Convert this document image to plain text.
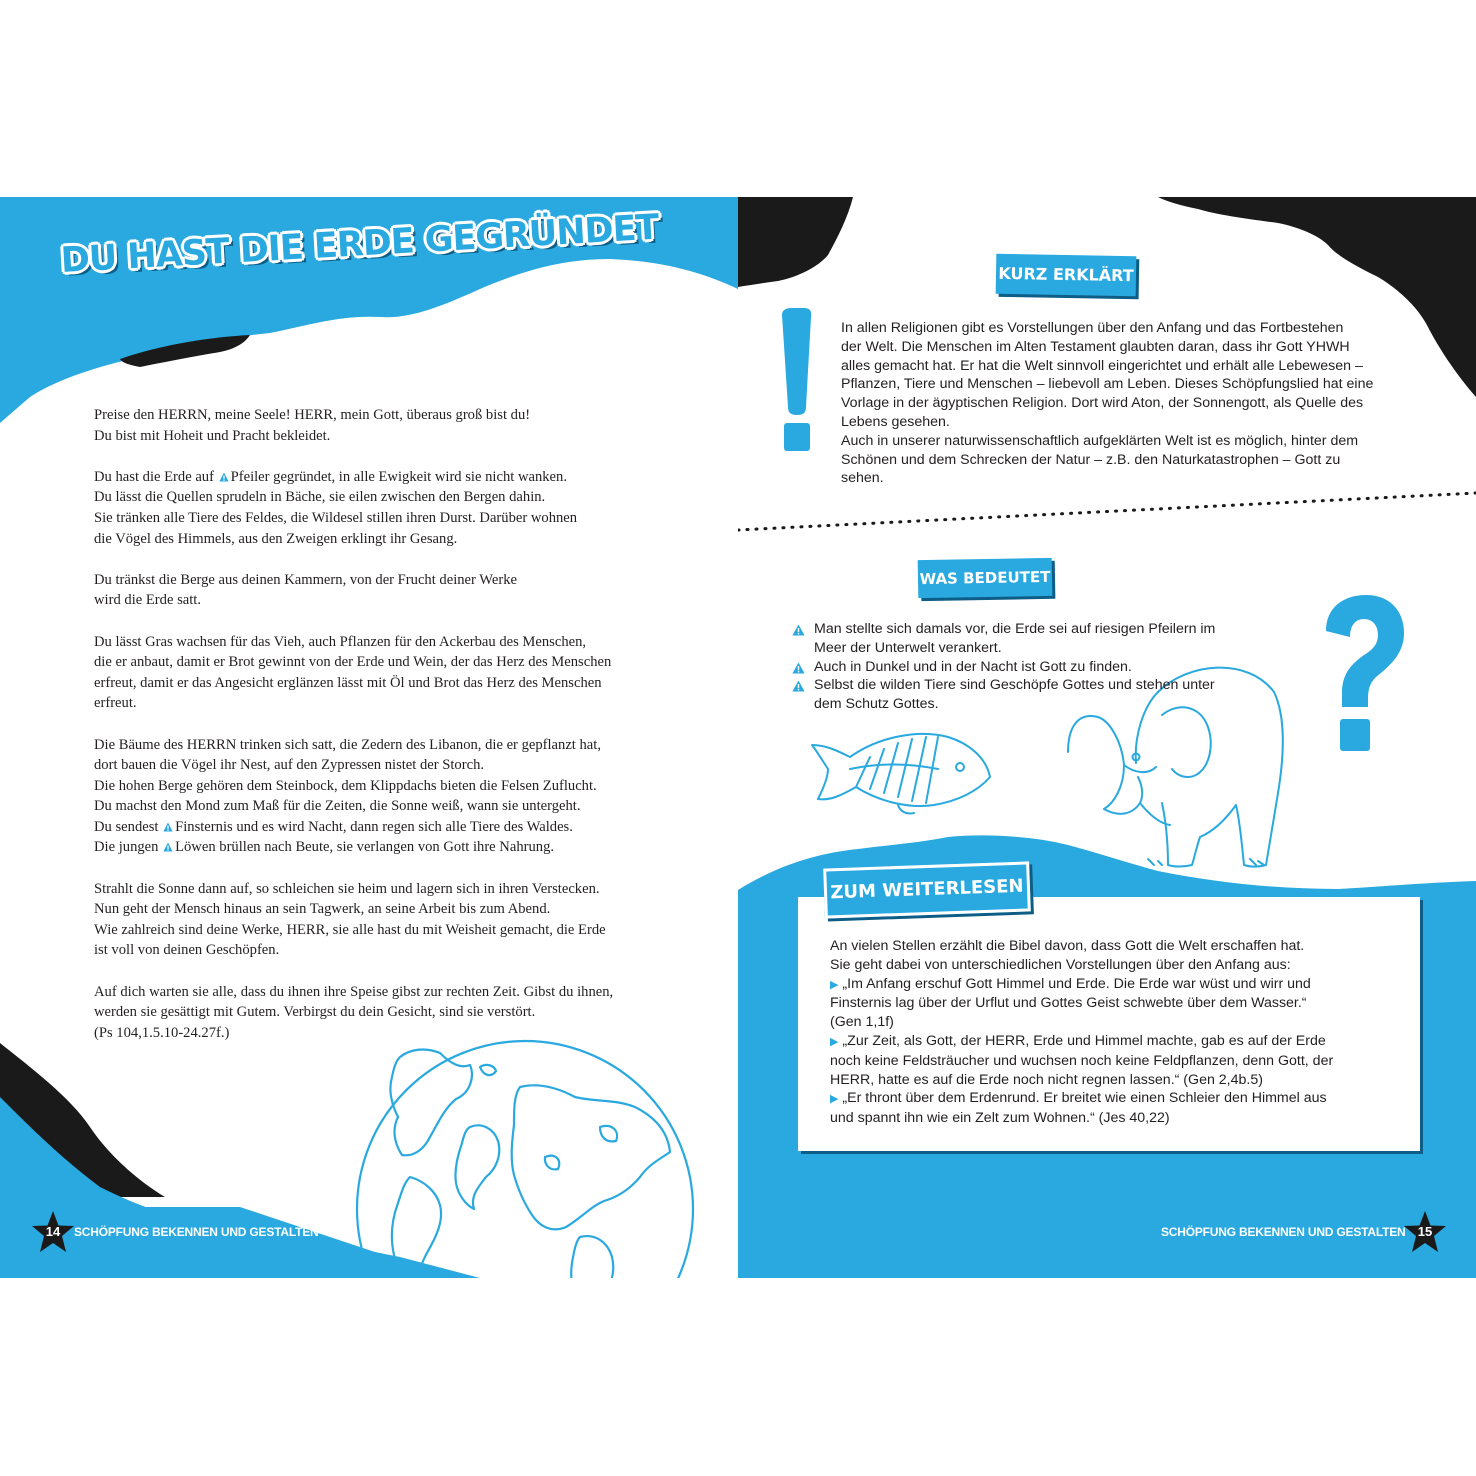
DU HAST DIE ERDE GEGRÜNDET

Preise den HERRN, meine Seele! HERR, mein Gott, überaus groß bist du!
Du bist mit Hoheit und Pracht bekleidet.

Du hast die Erde auf Pfeiler gegründet, in alle Ewigkeit wird sie nicht wanken.
Du lässt die Quellen sprudeln in Bäche, sie eilen zwischen den Bergen dahin.
Sie tränken alle Tiere des Feldes, die Wildesel stillen ihren Durst. Darüber wohnen
die Vögel des Himmels, aus den Zweigen erklingt ihr Gesang.

Du tränkst die Berge aus deinen Kammern, von der Frucht deiner Werke
wird die Erde satt.

Du lässt Gras wachsen für das Vieh, auch Pflanzen für den Ackerbau des Menschen,
die er anbaut, damit er Brot gewinnt von der Erde und Wein, der das Herz des Menschen
erfreut, damit er das Angesicht erglänzen lässt mit Öl und Brot das Herz des Menschen
erfreut.

Die Bäume des HERRN trinken sich satt, die Zedern des Libanon, die er gepflanzt hat,
dort bauen die Vögel ihr Nest, auf den Zypressen nistet der Storch.
Die hohen Berge gehören dem Steinbock, dem Klippdachs bieten die Felsen Zuflucht.
Du machst den Mond zum Maß für die Zeiten, die Sonne weiß, wann sie untergeht.
Du sendest Finsternis und es wird Nacht, dann regen sich alle Tiere des Waldes.
Die jungen Löwen brüllen nach Beute, sie verlangen von Gott ihre Nahrung.

Strahlt die Sonne dann auf, so schleichen sie heim und lagern sich in ihren Verstecken.
Nun geht der Mensch hinaus an sein Tagwerk, an seine Arbeit bis zum Abend.
Wie zahlreich sind deine Werke, HERR, sie alle hast du mit Weisheit gemacht, die Erde
ist voll von deinen Geschöpfen.

Auf dich warten sie alle, dass du ihnen ihre Speise gibst zur rechten Zeit. Gibst du ihnen,
werden sie gesättigt mit Gutem. Verbirgst du dein Gesicht, sind sie verstört.
(Ps 104,1.5.10-24.27f.)

14	SCHÖPFUNG BEKENNEN UND GESTALTEN
KURZ ERKLÄRT
In allen Religionen gibt es Vorstellungen über den Anfang und das Fortbestehen
der Welt. Die Menschen im Alten Testament glaubten daran, dass ihr Gott YHWH
alles gemacht hat. Er hat die Welt sinnvoll eingerichtet und erhält alle Lebewesen –
Pflanzen, Tiere und Menschen – liebevoll am Leben. Dieses Schöpfungslied hat eine
Vorlage in der ägyptischen Religion. Dort wird Aton, der Sonnengott, als Quelle des
Lebens gesehen.
Auch in unserer naturwissenschaftlich aufgeklärten Welt ist es möglich, hinter dem
Schönen und dem Schrecken der Natur – z.B. den Naturkatastrophen – Gott zu
sehen.
WAS BEDEUTET
Man stellte sich damals vor, die Erde sei auf riesigen Pfeilern im
Meer der Unterwelt verankert.
Auch in Dunkel und in der Nacht ist Gott zu finden.
Selbst die wilden Tiere sind Geschöpfe Gottes und stehen unter
dem Schutz Gottes.
An vielen Stellen erzählt die Bibel davon, dass Gott die Welt erschaffen hat.
Sie geht dabei von unterschiedlichen Vorstellungen über den Anfang aus:
▶ „Im Anfang erschuf Gott Himmel und Erde. Die Erde war wüst und wirr und
Finsternis lag über der Urflut und Gottes Geist schwebte über dem Wasser.“
(Gen 1,1f)
▶ „Zur Zeit, als Gott, der HERR, Erde und Himmel machte, gab es auf der Erde
noch keine Feldsträucher und wuchsen noch keine Feldpflanzen, denn Gott, der
HERR, hatte es auf die Erde noch nicht regnen lassen.“ (Gen 2,4b.5)
▶ „Er thront über dem Erdenrund. Er breitet wie einen Schleier den Himmel aus
und spannt ihn wie ein Zelt zum Wohnen.“ (Jes 40,22)
ZUM WEITERLESEN
SCHÖPFUNG BEKENNEN UND GESTALTEN 15
